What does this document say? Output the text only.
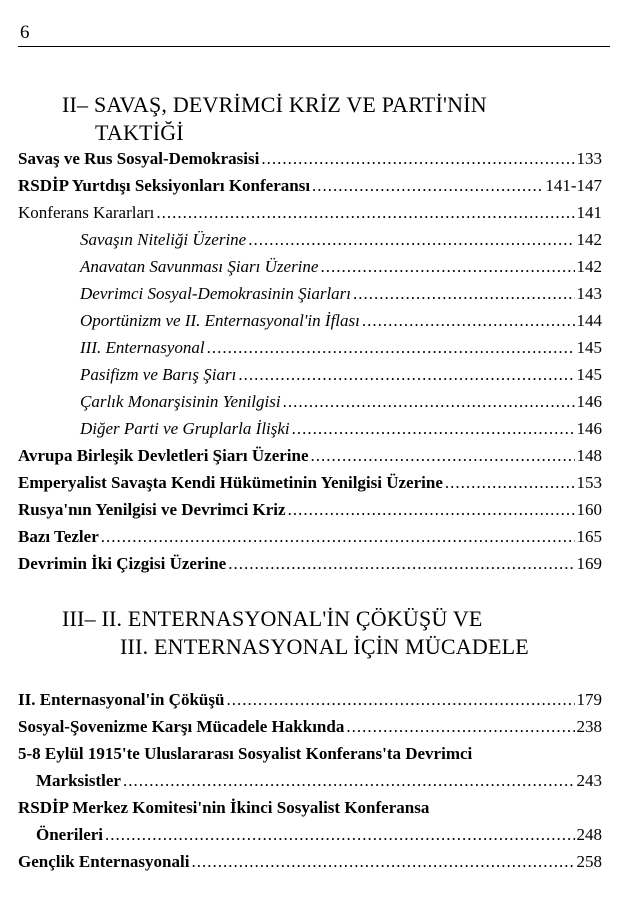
6
II– SAVAŞ, DEVRİMCİ KRİZ VE PARTİ'NİN
TAKTİĞİ
Savaş ve Rus Sosyal-Demokrasisi .....	133
RSDİP Yurtdışı Seksiyonları Konferansı .....	141-147
Konferans Kararları .....	141
Savaşın Niteliği Üzerine .....	142
Anavatan Savunması Şiarı Üzerine .....	142
Devrimci Sosyal-Demokrasinin Şiarları .....	143
Oportünizm ve II. Enternasyonal'in İflası .....	144
III. Enternasyonal .....	145
Pasifizm ve Barış Şiarı .....	145
Çarlık Monarşisinin Yenilgisi .....	146
Diğer Parti ve Gruplarla İlişki .....	146
Avrupa Birleşik Devletleri Şiarı Üzerine .....	148
Emperyalist Savaşta Kendi Hükümetinin Yenilgisi Üzerine .....	153
Rusya'nın Yenilgisi ve Devrimci Kriz .....	160
Bazı Tezler .....	165
Devrimin İki Çizgisi Üzerine .....	169
III– II. ENTERNASYONAL'İN ÇÖKÜŞÜ VE
III. ENTERNASYONAL İÇİN MÜCADELE
II. Enternasyonal'in Çöküşü .....	179
Sosyal-Şovenizme Karşı Mücadele Hakkında .....	238
5-8 Eylül 1915'te Uluslararası Sosyalist Konferans'ta Devrimci
Marksistler .....	243
RSDİP Merkez Komitesi'nin İkinci Sosyalist Konferansa
Önerileri .....	248
Gençlik Enternasyonali .....	258
